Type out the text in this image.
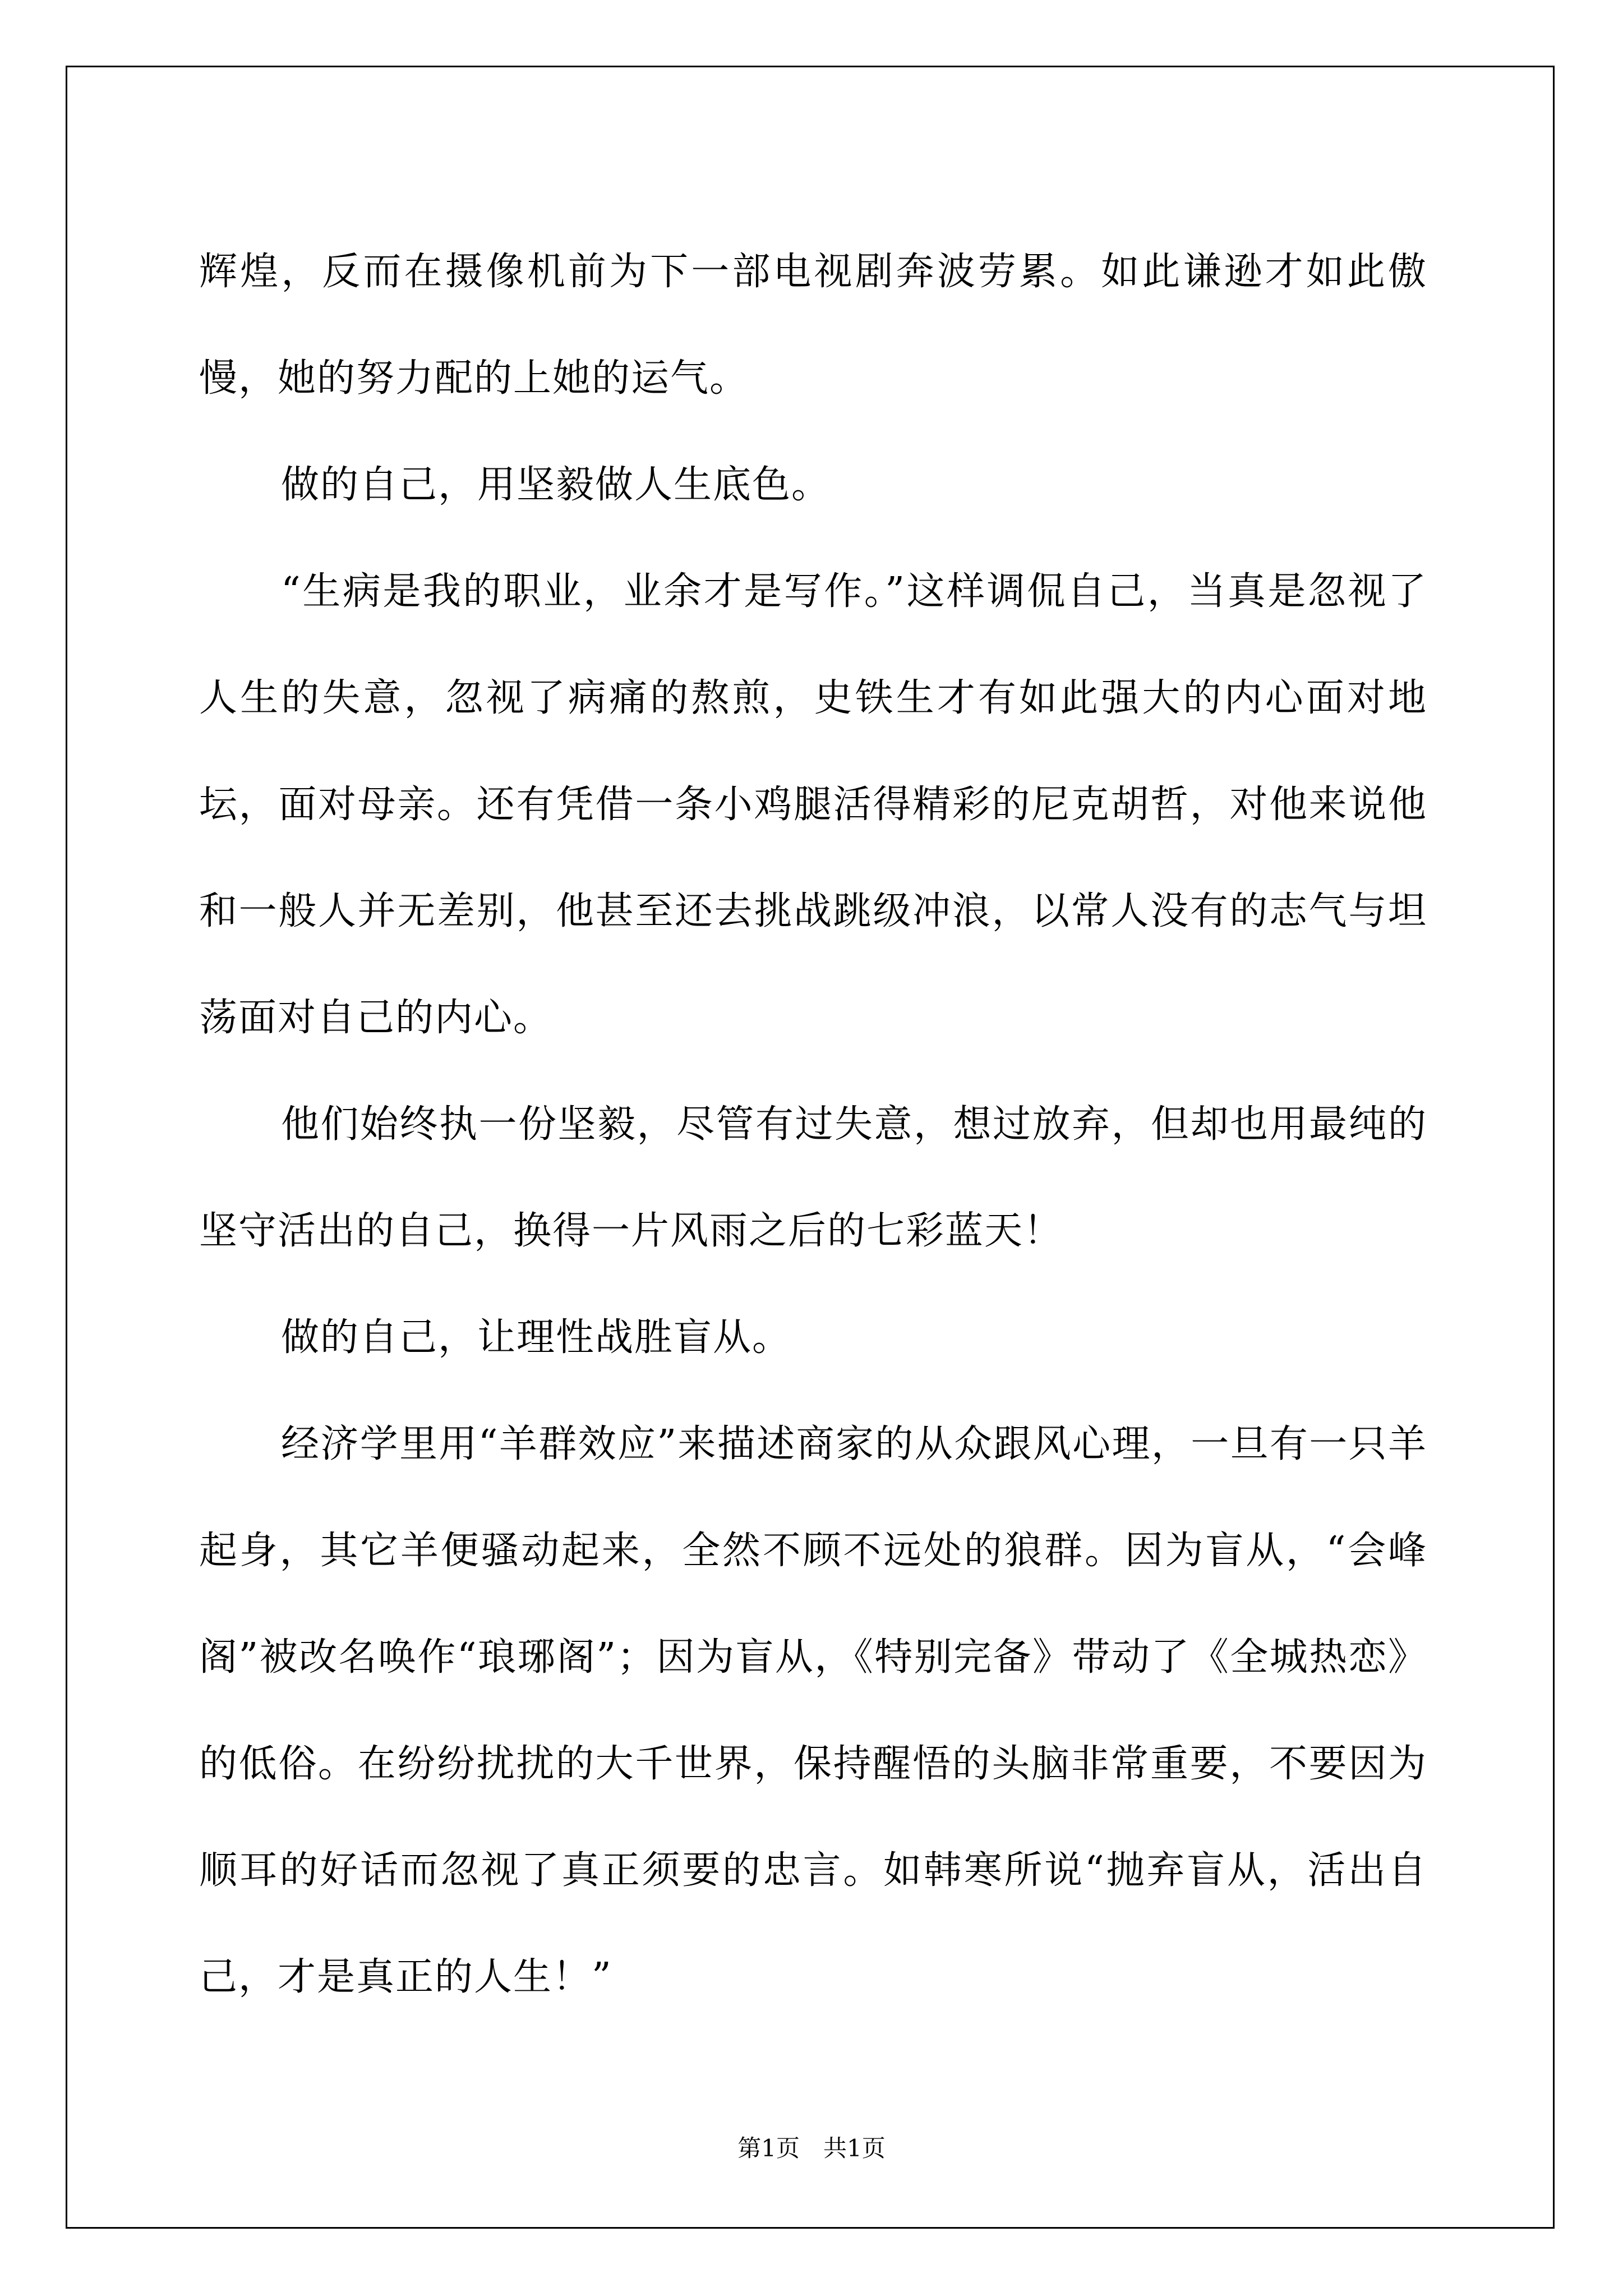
辉煌，反而在摄像机前为下一部电视剧奔波劳累。如此谦逊才如此傲慢，她的努力配的上她的运气。

做的自己，用坚毅做人生底色。

“生病是我的职业，业余才是写作。”这样调侃自己，当真是忽视了人生的失意，忽视了病痛的熬煎，史铁生才有如此强大的内心面对地坛，面对母亲。还有凭借一条小鸡腿活得精彩的尼克胡哲，对他来说他和一般人并无差别，他甚至还去挑战跳级冲浪，以常人没有的志气与坦荡面对自己的内心。

他们始终执一份坚毅，尽管有过失意，想过放弃，但却也用最纯的坚守活出的自己，换得一片风雨之后的七彩蓝天！

做的自己，让理性战胜盲从。

经济学里用“羊群效应”来描述商家的从众跟风心理，一旦有一只羊起身，其它羊便骚动起来，全然不顾不远处的狼群。因为盲从，“会峰阁”被改名唤作“琅琊阁”；因为盲从，《特别完备》带动了《全城热恋》的低俗。在纷纷扰扰的大千世界，保持醒悟的头脑非常重要，不要因为顺耳的好话而忽视了真正须要的忠言。如韩寒所说“抛弃盲从，活出自己，才是真正的人生！”

第1页　共1页
